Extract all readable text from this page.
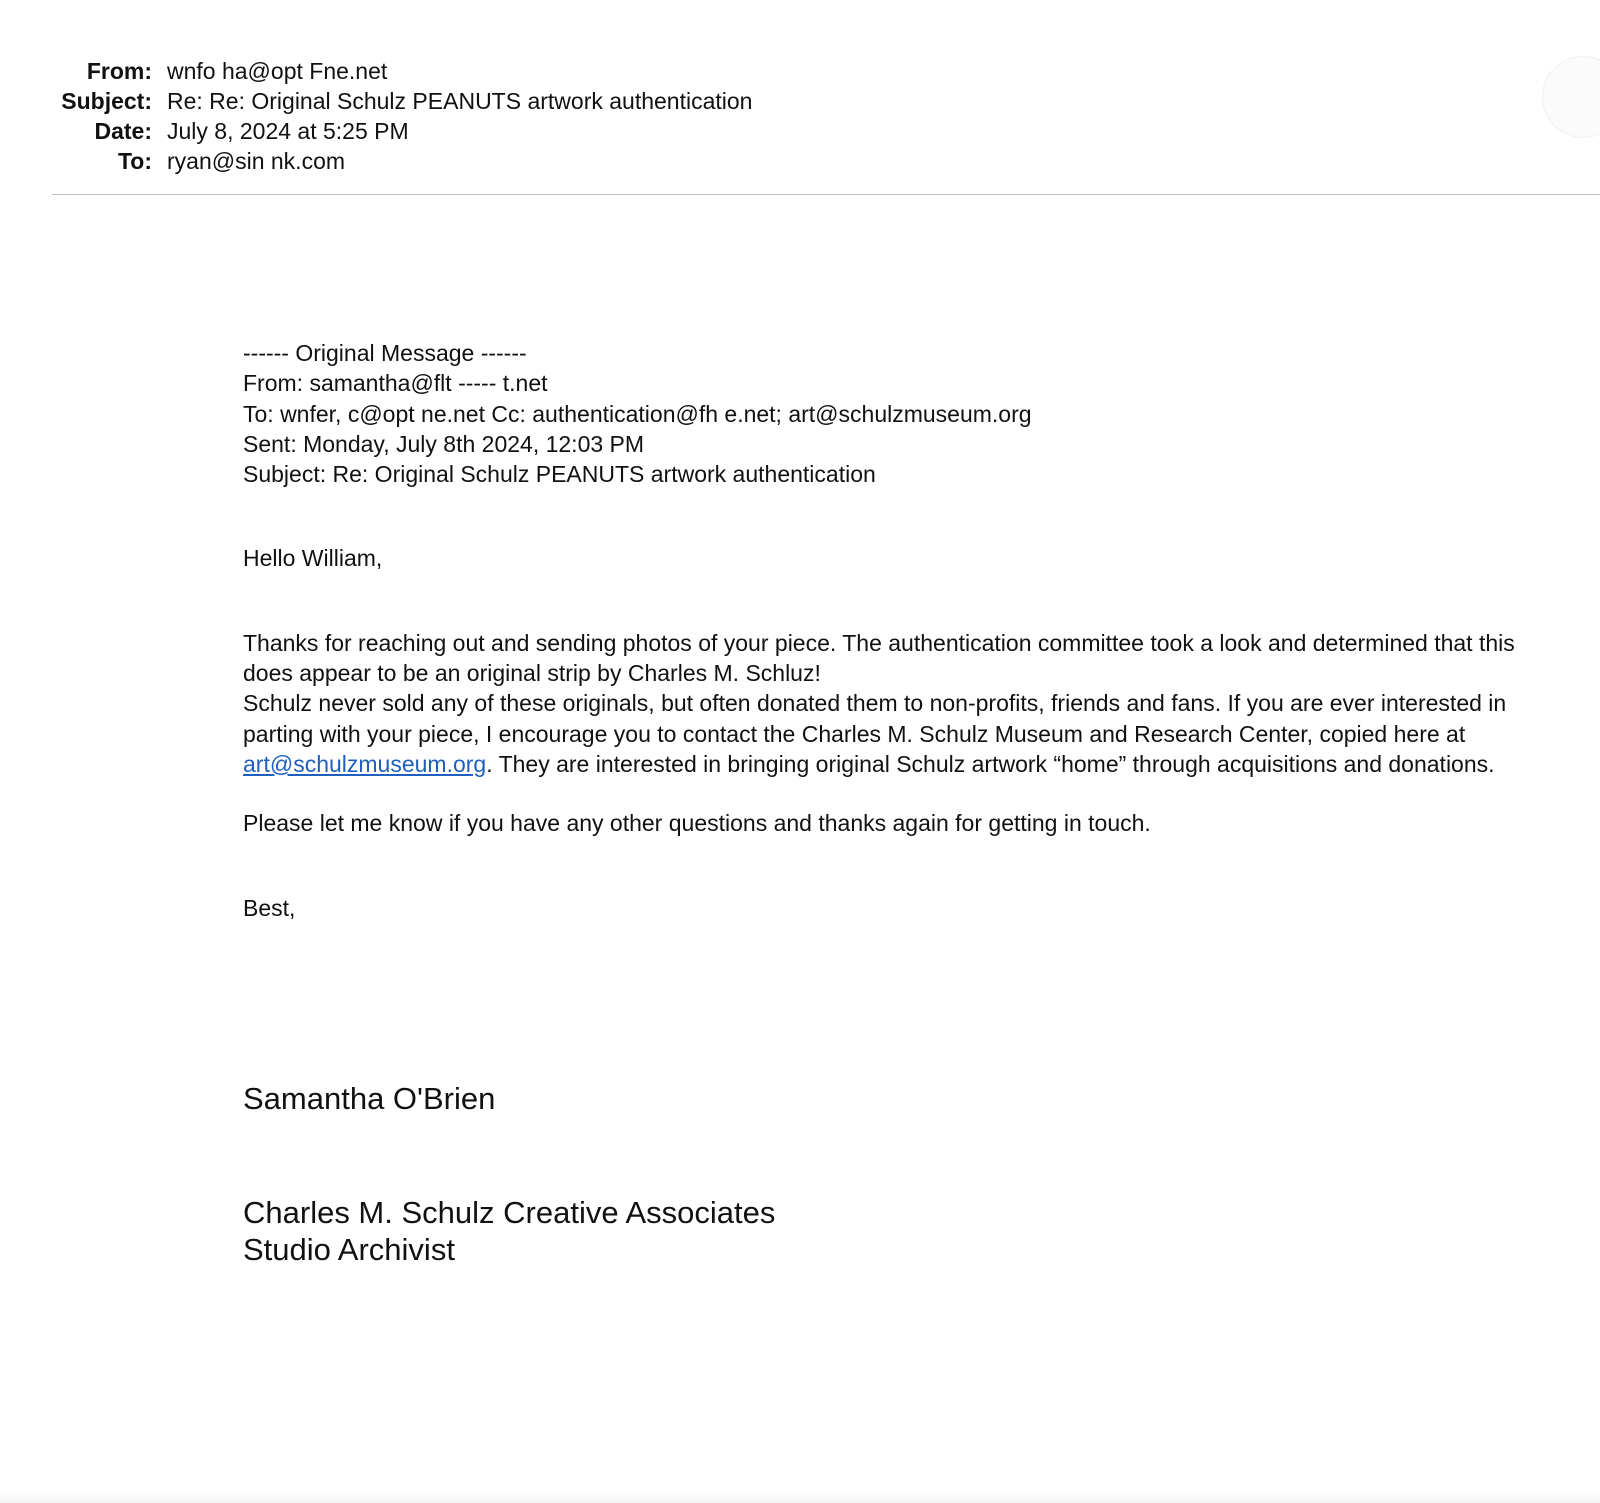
From: wnfo ha@opt Fne.net
Subject: Re: Re: Original Schulz PEANUTS artwork authentication
Date: July 8, 2024 at 5:25 PM
To: ryan@sin nk.com
------ Original Message ------
From: samantha@flt ----- t.net
To: wnfer, c@opt ne.net Cc: authentication@fh e.net; art@schulzmuseum.org
Sent: Monday, July 8th 2024, 12:03 PM
Subject: Re: Original Schulz PEANUTS artwork authentication

Hello William,

Thanks for reaching out and sending photos of your piece. The authentication committee took a look and determined that this does appear to be an original strip by Charles M. Schluz!

Schulz never sold any of these originals, but often donated them to non-profits, friends and fans. If you are ever interested in parting with your piece, I encourage you to contact the Charles M. Schulz Museum and Research Center, copied here at art@schulzmuseum.org. They are interested in bringing original Schulz artwork “home” through acquisitions and donations.

Please let me know if you have any other questions and thanks again for getting in touch.

Best,

Samantha O'Brien
Charles M. Schulz Creative Associates
Studio Archivist
